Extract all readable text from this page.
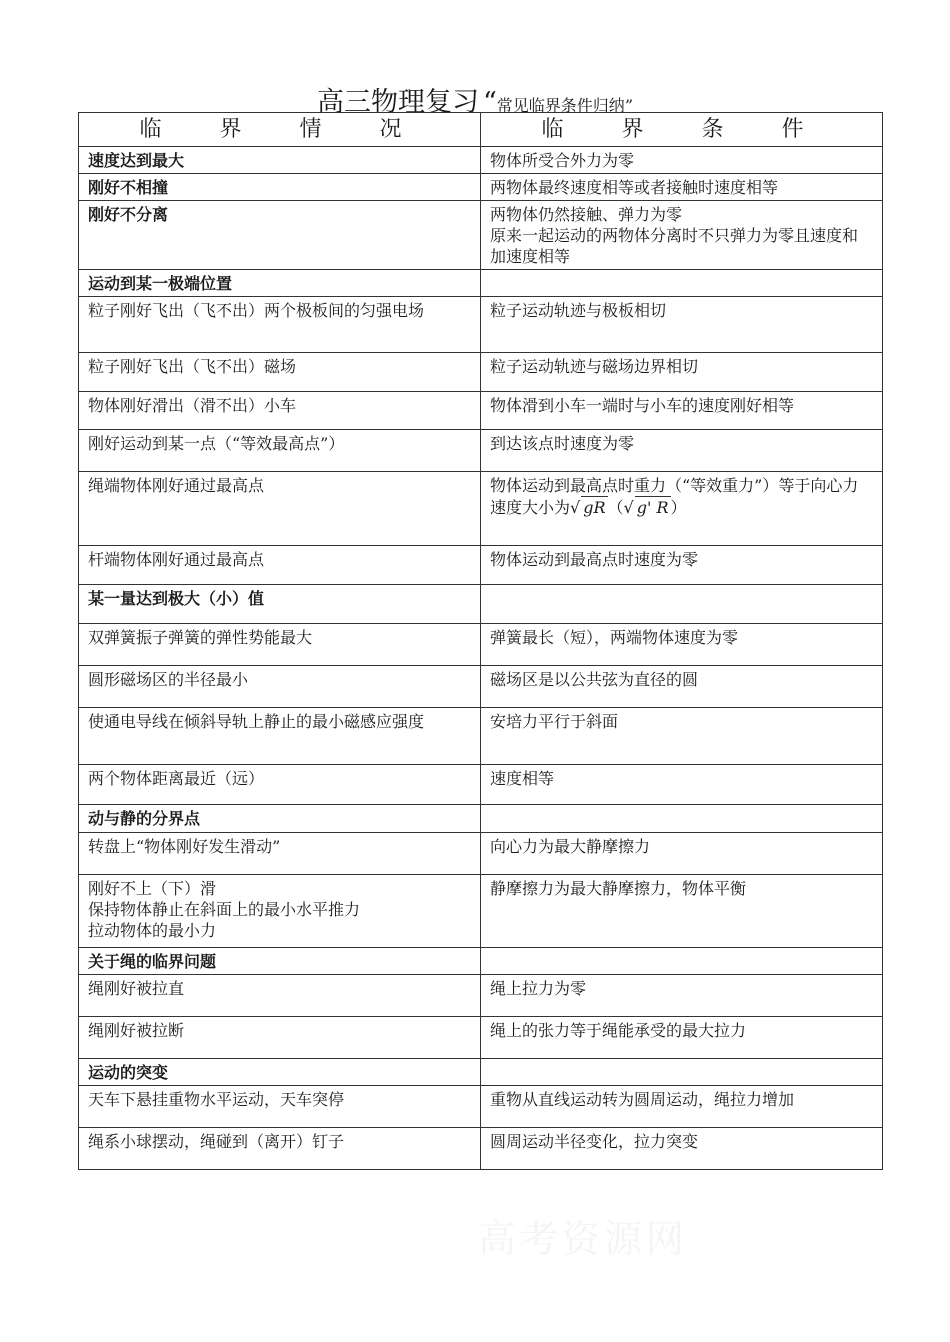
高三物理复习 “常见临界条件归纳”
临　界　情　况	临　界　条　件

速度达到最大	物体所受合外力为零

刚好不相撞	两物体最终速度相等或者接触时速度相等

刚好不分离	两物体仍然接触、弹力为零
原来一起运动的两物体分离时不只弹力为零且速度和加速度相等

运动到某一极端位置	

粒子刚好飞出（飞不出）两个极板间的匀强电场	粒子运动轨迹与极板相切

粒子刚好飞出（飞不出）磁场	粒子运动轨迹与磁场边界相切

物体刚好滑出（滑不出）小车	物体滑到小车一端时与小车的速度刚好相等

刚好运动到某一点（“等效最高点”）	到达该点时速度为零

绳端物体刚好通过最高点	物体运动到最高点时重力（“等效重力”）等于向心力速度大小为√ gR （√ g' R ）

杆端物体刚好通过最高点	物体运动到最高点时速度为零

某一量达到极大（小）值	

双弹簧振子弹簧的弹性势能最大	弹簧最长（短），两端物体速度为零

圆形磁场区的半径最小	磁场区是以公共弦为直径的圆

使通电导线在倾斜导轨上静止的最小磁感应强度	安培力平行于斜面

两个物体距离最近（远）	速度相等

动与静的分界点	

转盘上“物体刚好发生滑动”	向心力为最大静摩擦力

刚好不上（下）滑
保持物体静止在斜面上的最小水平推力
拉动物体的最小力	静摩擦力为最大静摩擦力，物体平衡

关于绳的临界问题	

绳刚好被拉直	绳上拉力为零

绳刚好被拉断	绳上的张力等于绳能承受的最大拉力

运动的突变	

天车下悬挂重物水平运动，天车突停	重物从直线运动转为圆周运动，绳拉力增加

绳系小球摆动，绳碰到（离开）钉子	圆周运动半径变化，拉力突变
高考资源网
